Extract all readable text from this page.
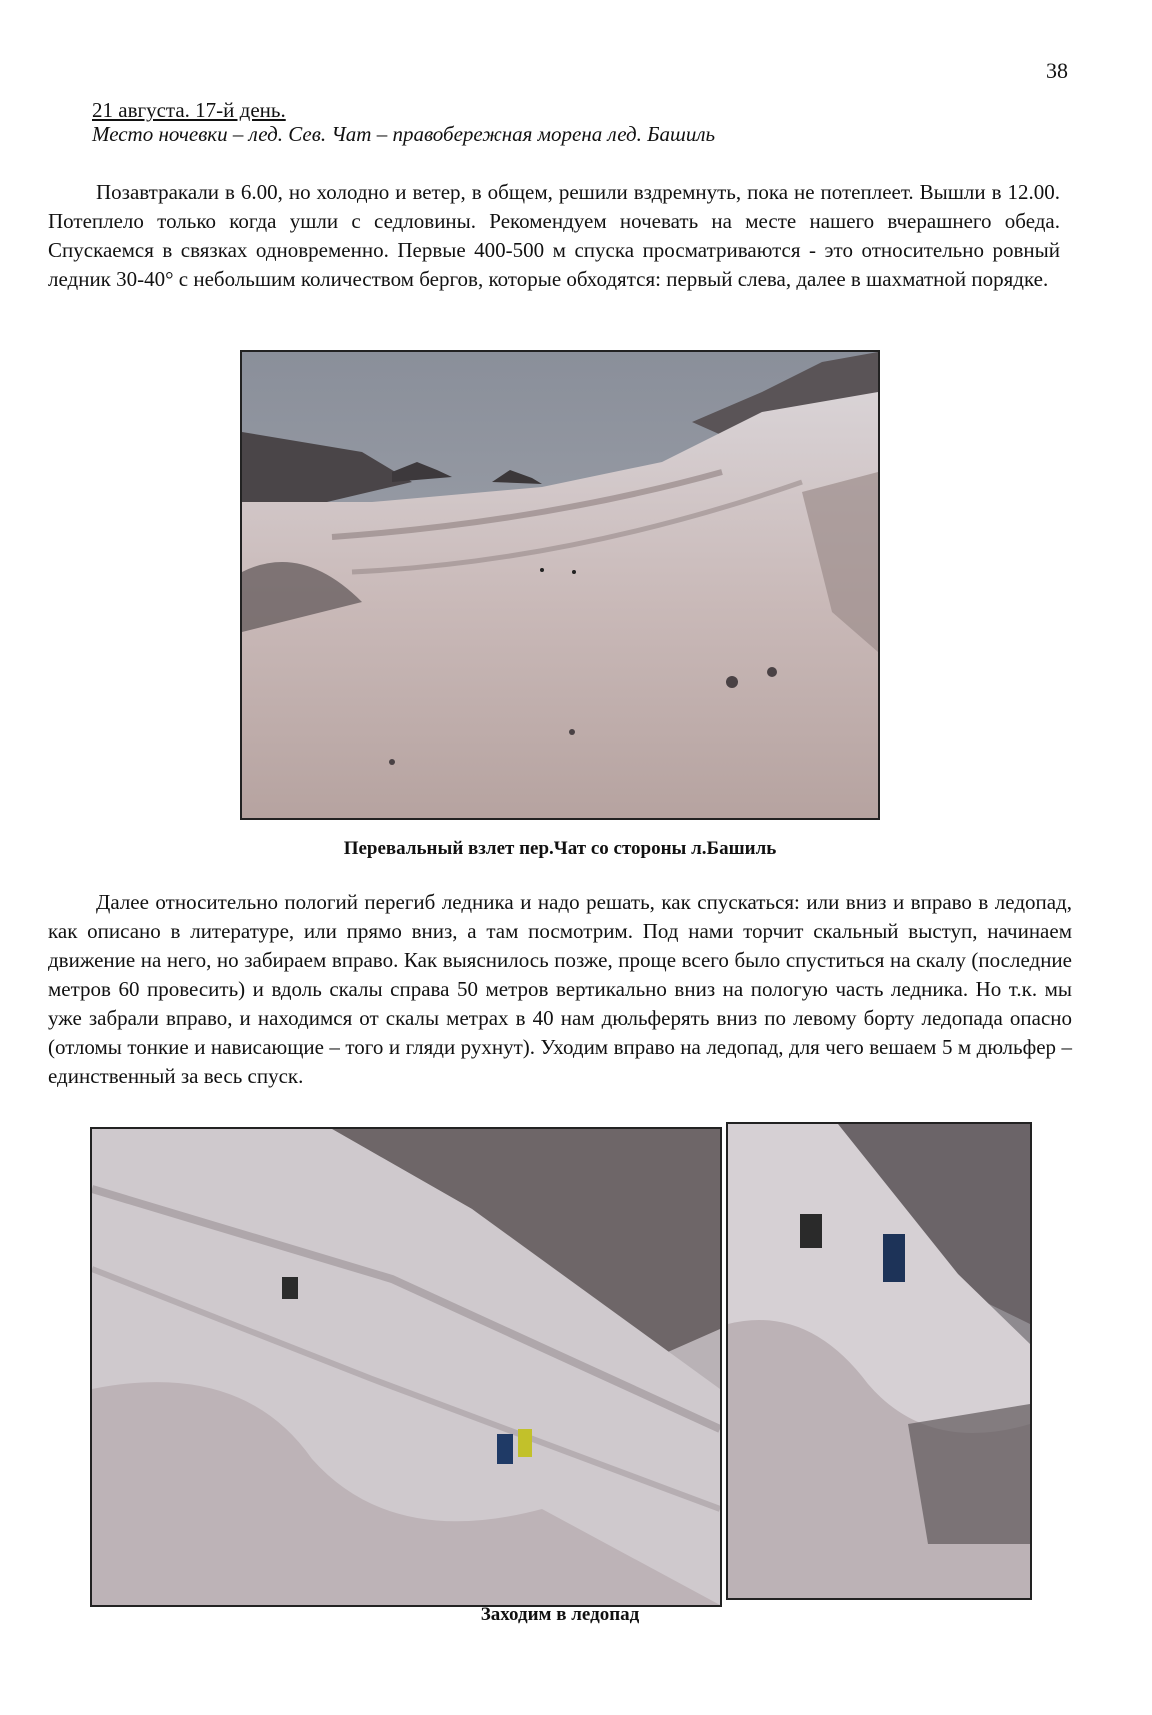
38
21 августа. 17-й день.
Место ночевки – лед. Сев. Чат – правобережная морена лед. Башиль

Позавтракали в 6.00, но холодно и ветер, в общем, решили вздремнуть, пока не потеплеет. Вышли в 12.00. Потеплело только когда ушли с седловины. Рекомендуем ночевать на месте нашего вчерашнего обеда. Спускаемся в связках одновременно. Первые 400-500 м спуска просматриваются - это относительно ровный ледник 30-40° с небольшим количеством бергов, которые обходятся: первый слева, далее в шахматной порядке.

Перевальный взлет пер.Чат со стороны л.Башиль

Далее относительно пологий перегиб ледника и надо решать, как спускаться: или вниз и вправо в ледопад, как описано в литературе, или прямо вниз, а там посмотрим. Под нами торчит скальный выступ, начинаем движение на него, но забираем вправо. Как выяснилось позже, проще всего было спуститься на скалу (последние метров 60 провесить) и вдоль скалы справа 50 метров вертикально вниз на пологую часть ледника. Но т.к. мы уже забрали вправо, и находимся от скалы метрах в 40 нам дюльферять вниз по левому борту ледопада опасно (отломы тонкие и нависающие – того и гляди рухнут). Уходим вправо на ледопад, для чего вешаем 5 м дюльфер – единственный за весь спуск.

Заходим в ледопад
